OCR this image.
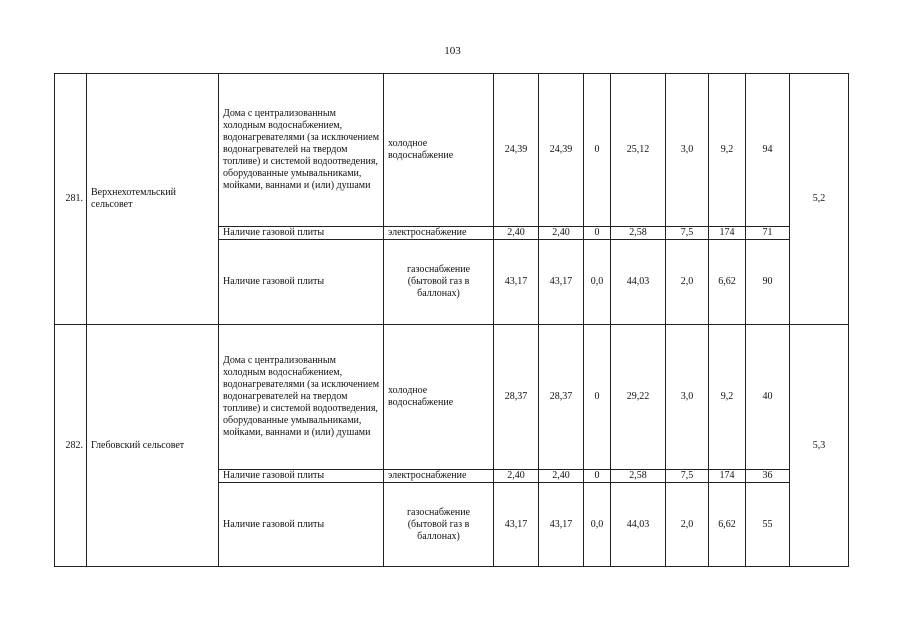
103
281.	Верхнехотемльский сельсовет	Дома с централизованным холодным водоснабжением, водонагревателями (за исключением водонагревателей на твердом топливе) и системой водоотведения, оборудованные умывальниками, мойками, ваннами и (или) душами	холодное водоснабжение	24,39	24,39	0	25,12	3,0	9,2	94	5,2
		Наличие газовой плиты	электроснабжение	2,40	2,40	0	2,58	7,5	174	71	
		Наличие газовой плиты	газоснабжение (бытовой газ в баллонах)	43,17	43,17	0,0	44,03	2,0	6,62	90	
282.	Глебовский сельсовет	Дома с централизованным холодным водоснабжением, водонагревателями (за исключением водонагревателей на твердом топливе) и системой водоотведения, оборудованные умывальниками, мойками, ваннами и (или) душами	холодное водоснабжение	28,37	28,37	0	29,22	3,0	9,2	40	5,3
		Наличие газовой плиты	электроснабжение	2,40	2,40	0	2,58	7,5	174	36	
		Наличие газовой плиты	газоснабжение (бытовой газ в баллонах)	43,17	43,17	0,0	44,03	2,0	6,62	55	
